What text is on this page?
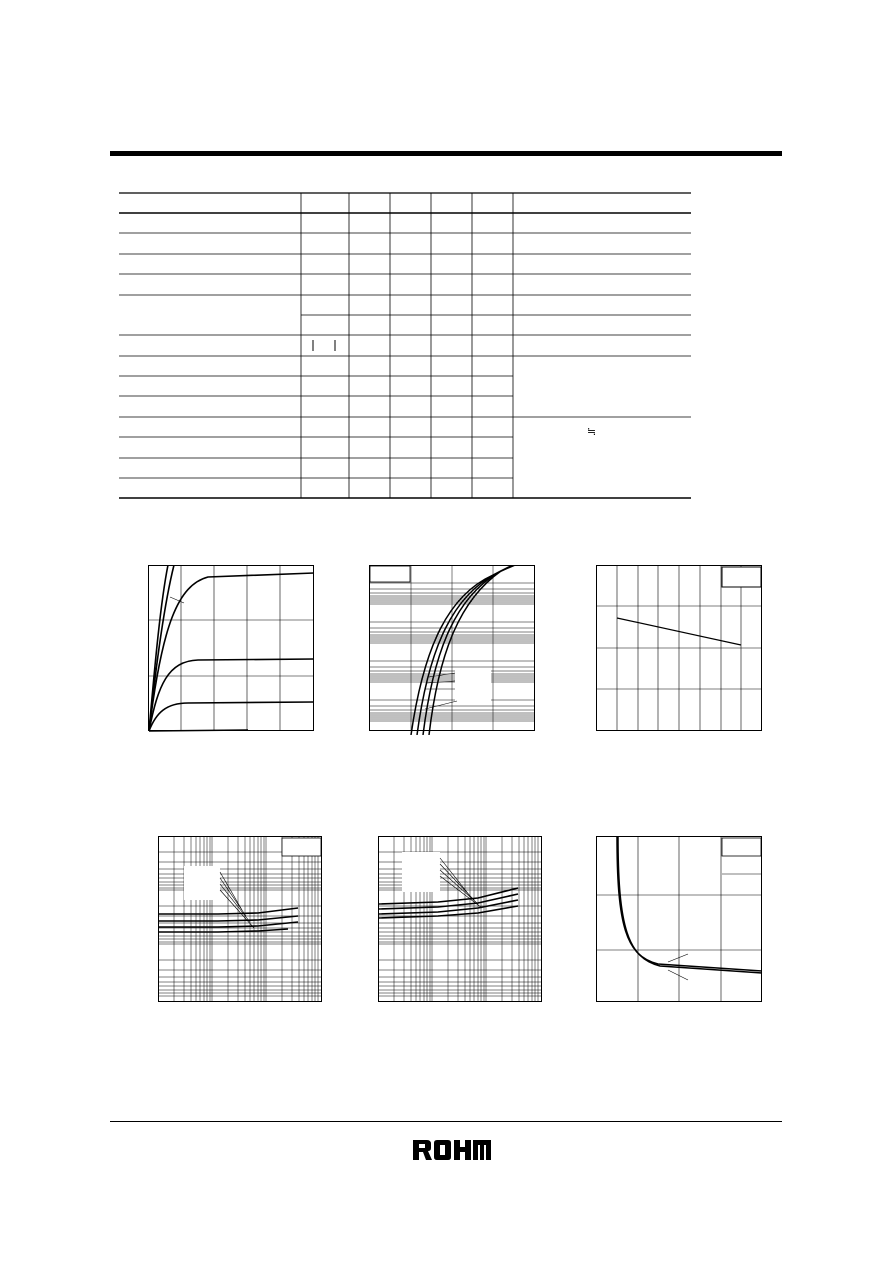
≒
